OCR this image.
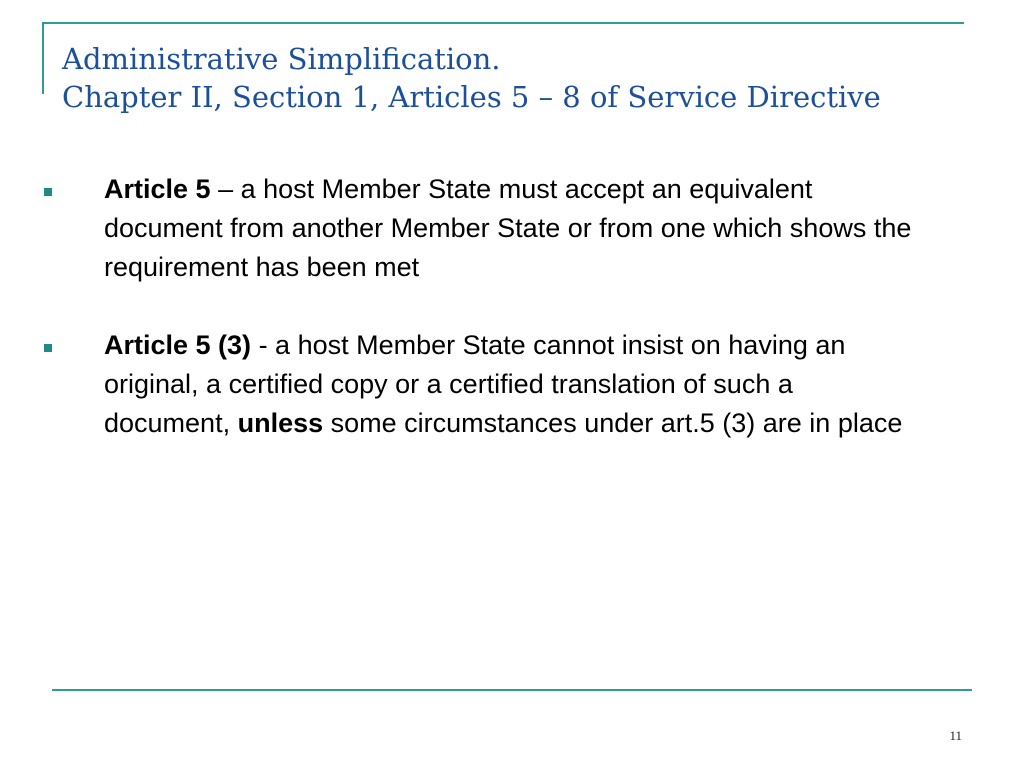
Administrative Simplification.
Chapter II, Section 1, Articles 5 – 8 of Service Directive
Article 5 – a host Member State must accept an equivalent document from another Member State or from one which shows the requirement has been met
Article 5 (3) - a host Member State cannot insist on having an original, a certified copy or a certified translation of such a document, unless some circumstances under art.5 (3) are in place
11
